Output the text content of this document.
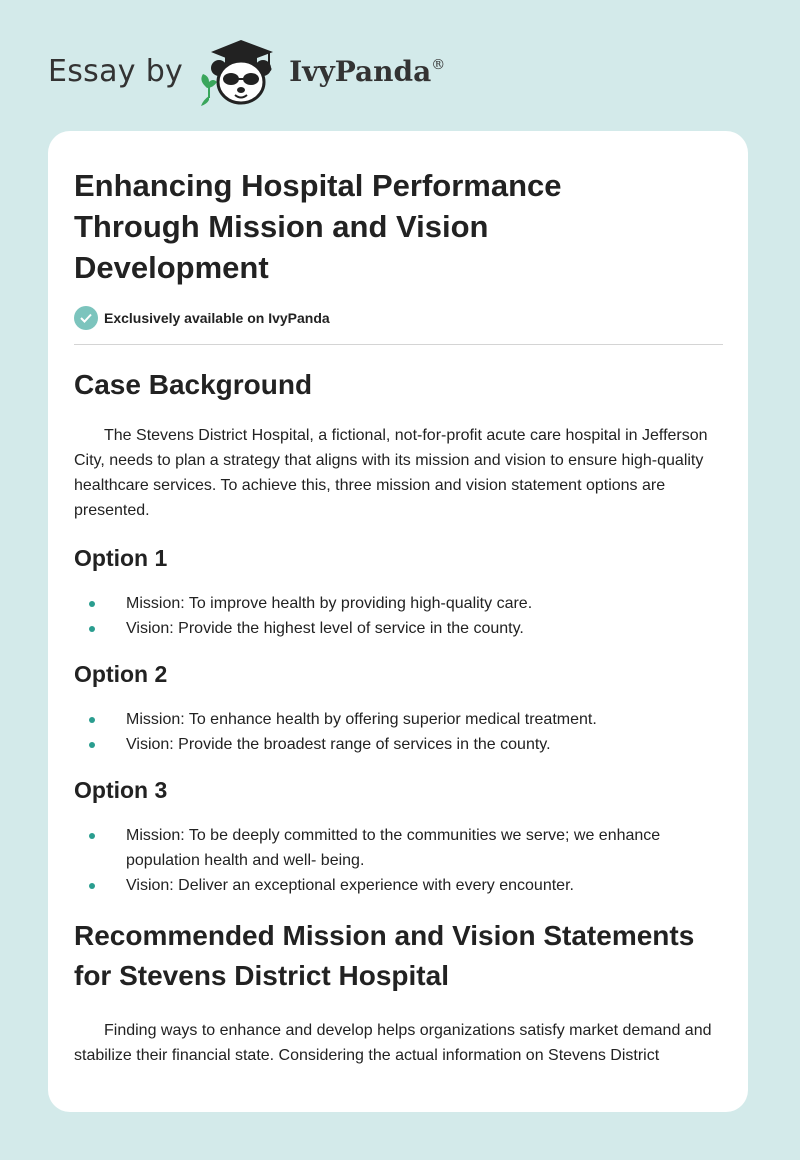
Essay by	IvyPanda®
Enhancing Hospital Performance Through Mission and Vision Development
Exclusively available on IvyPanda
Case Background

The Stevens District Hospital, a fictional, not-for-profit acute care hospital in Jefferson City, needs to plan a strategy that aligns with its mission and vision to ensure high-quality healthcare services. To achieve this, three mission and vision statement options are presented.

Option 1
Mission: To improve health by providing high-quality care.
Vision: Provide the highest level of service in the county.
Option 2
Mission: To enhance health by offering superior medical treatment.
Vision: Provide the broadest range of services in the county.
Option 3
Mission: To be deeply committed to the communities we serve; we enhance population health and well- being.
Vision: Deliver an exceptional experience with every encounter.
Recommended Mission and Vision Statements for Stevens District Hospital

Finding ways to enhance and develop helps organizations satisfy market demand and stabilize their financial state. Considering the actual information on Stevens District
